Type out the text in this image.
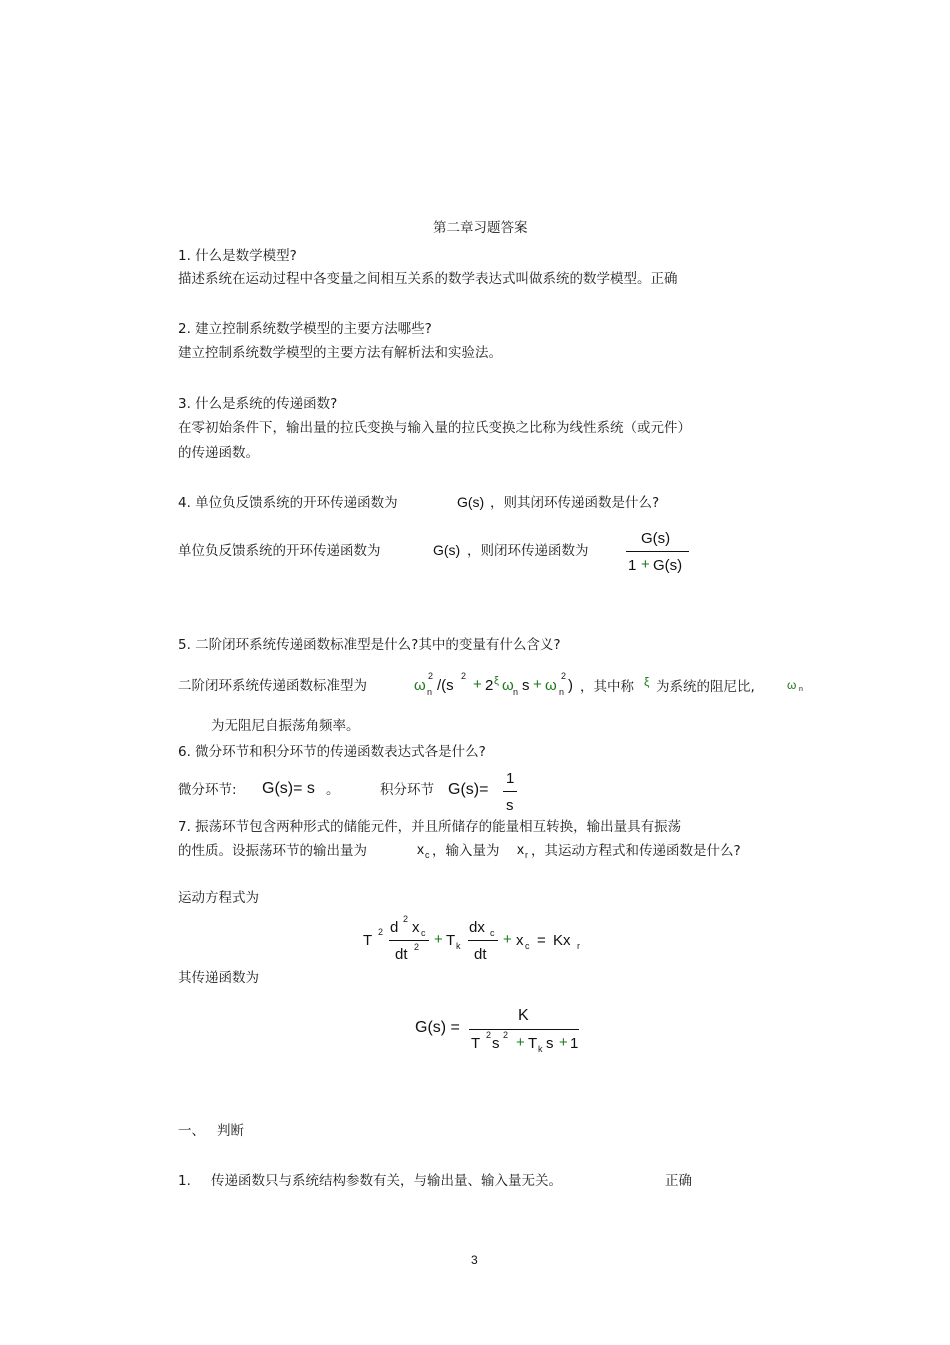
第二章习题答案
1. 什么是数学模型?
描述系统在运动过程中各变量之间相互关系的数学表达式叫做系统的数学模型。正确
2. 建立控制系统数学模型的主要方法哪些?
建立控制系统数学模型的主要方法有解析法和实验法。
3. 什么是系统的传递函数?
在零初始条件下，输出量的拉氏变换与输入量的拉氏变换之比称为线性系统（或元件）
的传递函数。
4. 单位负反馈系统的开环传递函数为	G(s) ，则其闭环传递函数是什么?
单位负反馈系统的开环传递函数为	G(s) ，则闭环传递函数为
G(s)
1 + G(s)
5. 二阶闭环系统传递函数标准型是什么?其中的变量有什么含义?
二阶闭环系统传递函数标准型为	ω n
2
/(s
2 + 2 ξ ω n s + ω n
2
) ，其中称 ξ 为系统的阻尼比,	ω n
为无阻尼自振荡角频率。
6. 微分环节和积分环节的传递函数表达式各是什么?
微分环节: G(s)= s 。	积分环节 G(s)=
1
s
7. 振荡环节包含两种形式的储能元件，并且所储存的能量相互转换，输出量具有振荡
的性质。设振荡环节的输出量为	x c ，输入量为 x r ，其运动方程式和传递函数是什么?
运动方程式为
T 2 d 2 x c
dt 2 + T k
dx c
dt
+ x c = Kx r
其传递函数为
G(s) =
K
T 2 s 2 + T k s + 1
一、 判断
1. 传递函数只与系统结构参数有关，与输出量、输入量无关。	正确
3
